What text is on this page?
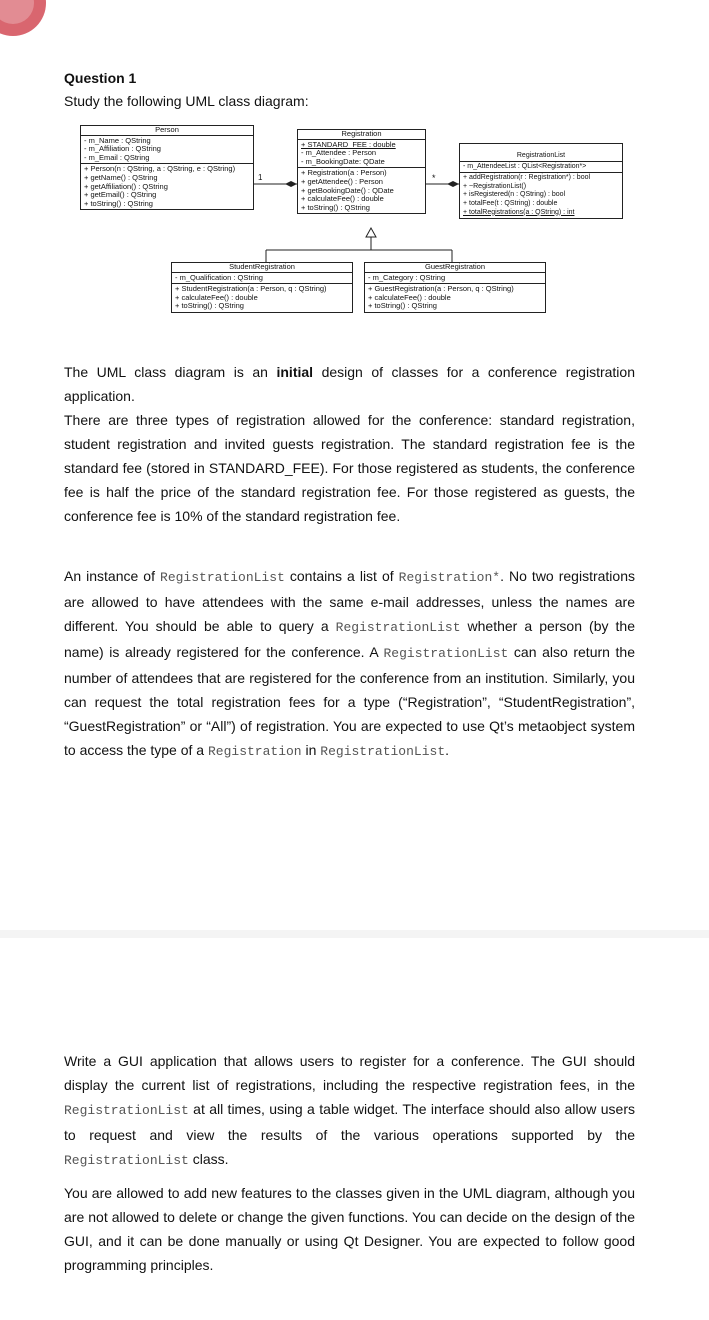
Question 1
Study the following UML class diagram:
1	*
Person
- m_Name : QString
- m_Affiliation : QString
- m_Email : QString
+ Person(n : QString, a : QString, e : QString)
+ getName() : QString
+ getAffiliation() : QString
+ getEmail() : QString
+ toString() : QString
Registration
+ STANDARD_FEE : double
- m_Attendee : Person
- m_BookingDate: QDate
+ Registration(a : Person)
+ getAttendee() : Person
+ getBookingDate() : QDate
+ calculateFee() : double
+ toString() : QString
RegistrationList
- m_AttendeeList : QList<Registration*>
+ addRegistration(r : Registration*) : bool
+ ~RegistrationList()
+ isRegistered(n : QString) : bool
+ totalFee(t : QString) : double
+ totalRegistrations(a : QString) : int
StudentRegistration
- m_Qualification : QString
+ StudentRegistration(a : Person, q : QString)
+ calculateFee() : double
+ toString() : QString
GuestRegistration
- m_Category : QString
+ GuestRegistration(a : Person, q : QString)
+ calculateFee() : double
+ toString() : QString

The UML class diagram is an initial design of classes for a conference registration application.

There are three types of registration allowed for the conference: standard registration, student registration and invited guests registration. The standard registration fee is the standard fee (stored in STANDARD_FEE). For those registered as students, the conference fee is half the price of the standard registration fee. For those registered as guests, the conference fee is 10% of the standard registration fee.

An instance of RegistrationList contains a list of Registration*. No two registrations are allowed to have attendees with the same e-mail addresses, unless the names are different. You should be able to query a RegistrationList whether a person (by the name) is already registered for the conference. A RegistrationList can also return the number of attendees that are registered for the conference from an institution. Similarly, you can request the total registration fees for a type (“Registration”, “StudentRegistration”, “GuestRegistration” or “All”) of registration. You are expected to use Qt’s metaobject system to access the type of a Registration in RegistrationList.

Write a GUI application that allows users to register for a conference. The GUI should display the current list of registrations, including the respective registration fees, in the RegistrationList at all times, using a table widget. The interface should also allow users to request and view the results of the various operations supported by the RegistrationList class.

You are allowed to add new features to the classes given in the UML diagram, although you are not allowed to delete or change the given functions. You can decide on the design of the GUI, and it can be done manually or using Qt Designer. You are expected to follow good programming principles.
